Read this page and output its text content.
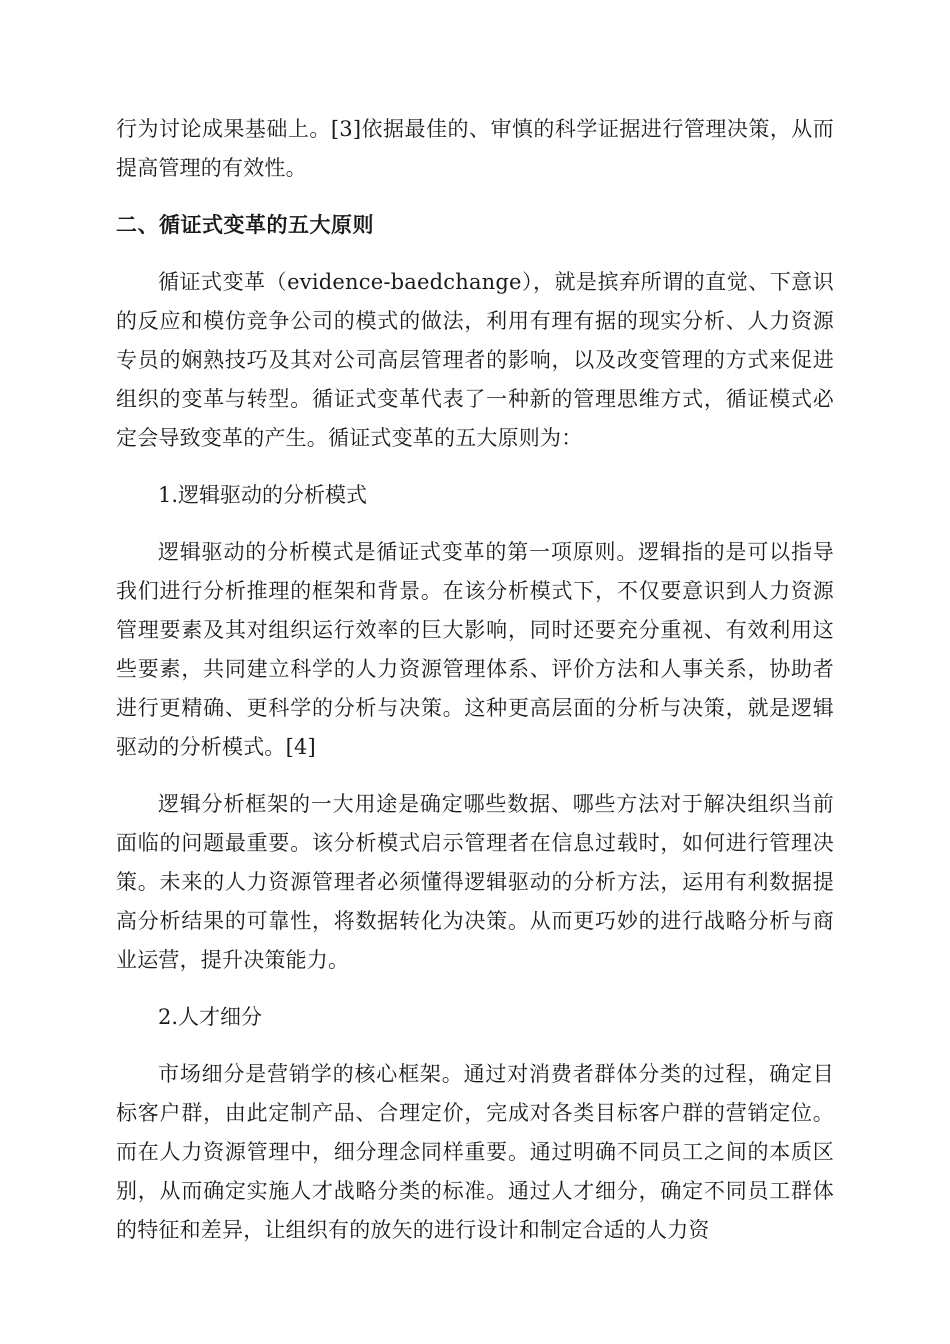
行为讨论成果基础上。[3]依据最佳的、审慎的科学证据进行管理决策，从而提高管理的有效性。

二、循证式变革的五大原则

循证式变革（evidence-baedchange），就是摈弃所谓的直觉、下意识的反应和模仿竞争公司的模式的做法，利用有理有据的现实分析、人力资源专员的娴熟技巧及其对公司高层管理者的影响，以及改变管理的方式来促进组织的变革与转型。循证式变革代表了一种新的管理思维方式，循证模式必定会导致变革的产生。循证式变革的五大原则为：

1.逻辑驱动的分析模式

逻辑驱动的分析模式是循证式变革的第一项原则。逻辑指的是可以指导我们进行分析推理的框架和背景。在该分析模式下，不仅要意识到人力资源管理要素及其对组织运行效率的巨大影响，同时还要充分重视、有效利用这些要素，共同建立科学的人力资源管理体系、评价方法和人事关系，协助者进行更精确、更科学的分析与决策。这种更高层面的分析与决策，就是逻辑驱动的分析模式。[4]

逻辑分析框架的一大用途是确定哪些数据、哪些方法对于解决组织当前面临的问题最重要。该分析模式启示管理者在信息过载时，如何进行管理决策。未来的人力资源管理者必须懂得逻辑驱动的分析方法，运用有利数据提高分析结果的可靠性，将数据转化为决策。从而更巧妙的进行战略分析与商业运营，提升决策能力。

2.人才细分

市场细分是营销学的核心框架。通过对消费者群体分类的过程，确定目标客户群，由此定制产品、合理定价，完成对各类目标客户群的营销定位。而在人力资源管理中，细分理念同样重要。通过明确不同员工之间的本质区别，从而确定实施人才战略分类的标准。通过人才细分，确定不同员工群体的特征和差异，让组织有的放矢的进行设计和制定合适的人力资
